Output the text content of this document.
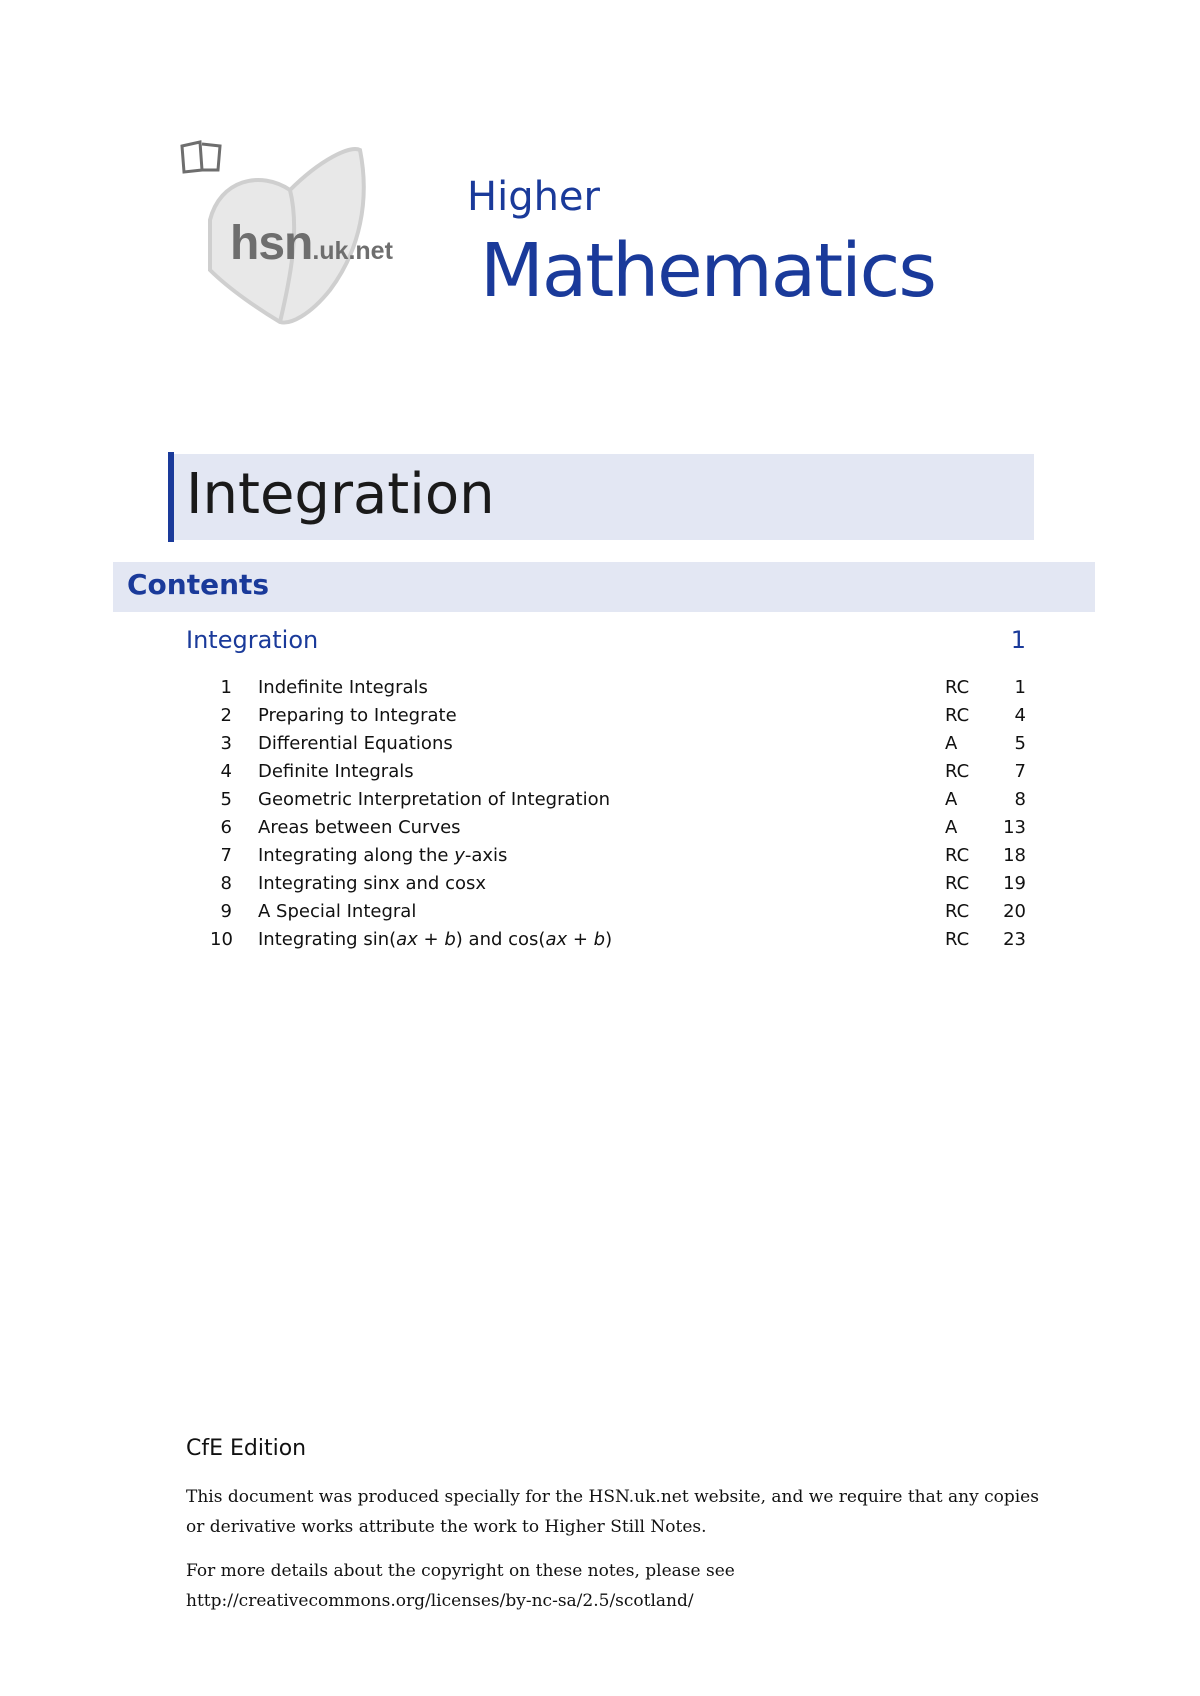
hsn.uk.net
Higher
Mathematics
Integration
Contents
Integration	1
1 Indefinite Integrals	RC	1
2 Preparing to Integrate	RC	4
3 Differential Equations	A	5
4 Definite Integrals	RC	7
5 Geometric Interpretation of Integration	A	8
6 Areas between Curves	A	13
7 Integrating along the y-axis	RC	18
8 Integrating sinx and cosx	RC	19
9 A Special Integral	RC	20
10 Integrating sin(ax + b) and cos(ax + b)	RC	23
CfE Edition
This document was produced specially for the HSN.uk.net website, and we require that any copies or derivative works attribute the work to Higher Still Notes.
For more details about the copyright on these notes, please see
http://creativecommons.org/licenses/by-nc-sa/2.5/scotland/
